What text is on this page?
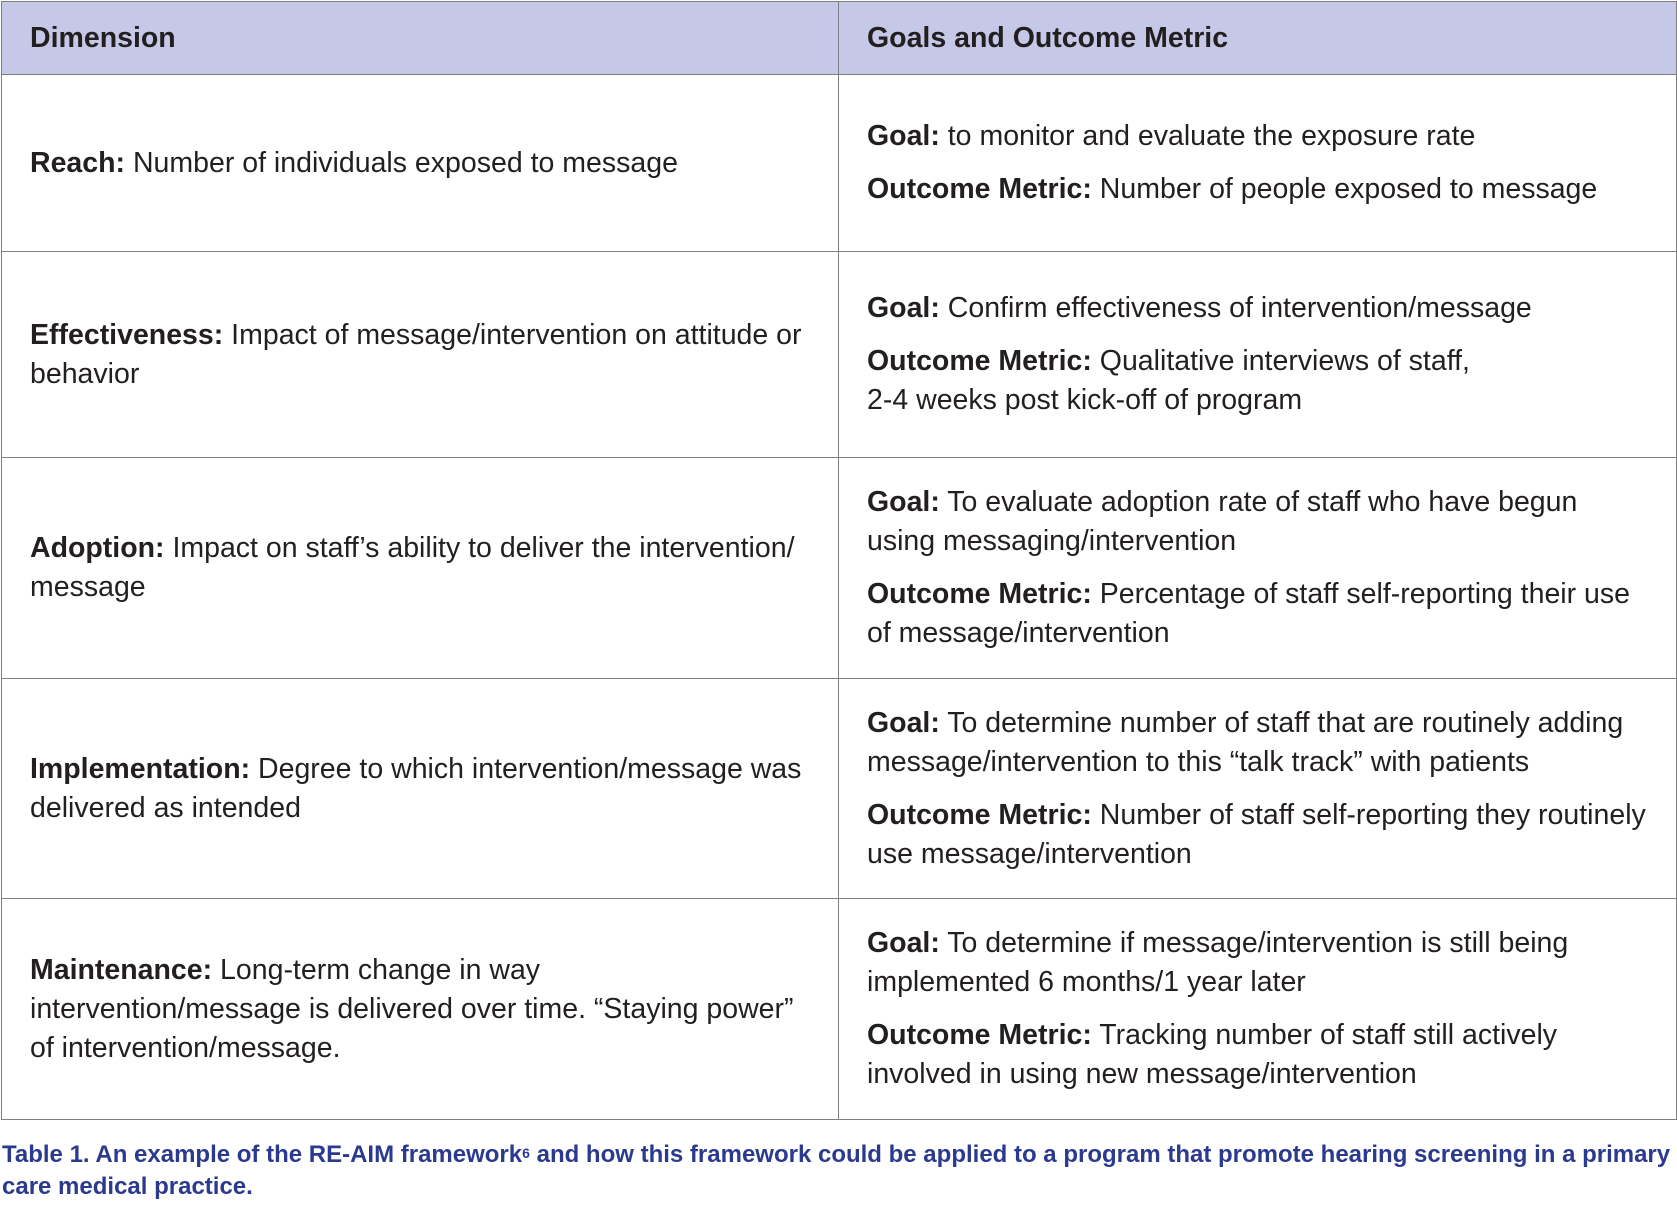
Dimension	Goals and Outcome Metric
Reach: Number of individuals exposed to message	Goal: to monitor and evaluate the exposure rate

Outcome Metric: Number of people exposed to message

Effectiveness: Impact of message/intervention on attitude or behavior	Goal: Confirm effectiveness of intervention/message

Outcome Metric: Qualitative interviews of staff,
2-4 weeks post kick-off of program

Adoption: Impact on staff’s ability to deliver the intervention/ message	Goal: To evaluate adoption rate of staff who have begun using messaging/intervention

Outcome Metric: Percentage of staff self-reporting their use of message/intervention

Implementation: Degree to which intervention/message was delivered as intended	Goal: To determine number of staff that are routinely adding message/intervention to this “talk track” with patients

Outcome Metric: Number of staff self-reporting they routinely use message/intervention

Maintenance: Long-term change in way intervention/message is delivered over time. “Staying power” of intervention/message.	Goal: To determine if message/intervention is still being implemented 6 months/1 year later

Outcome Metric: Tracking number of staff still actively involved in using new message/intervention

Table 1. An example of the RE-AIM framework$^6$ and how this framework could be applied to a program that promote hearing screening in a primary care medical practice.
